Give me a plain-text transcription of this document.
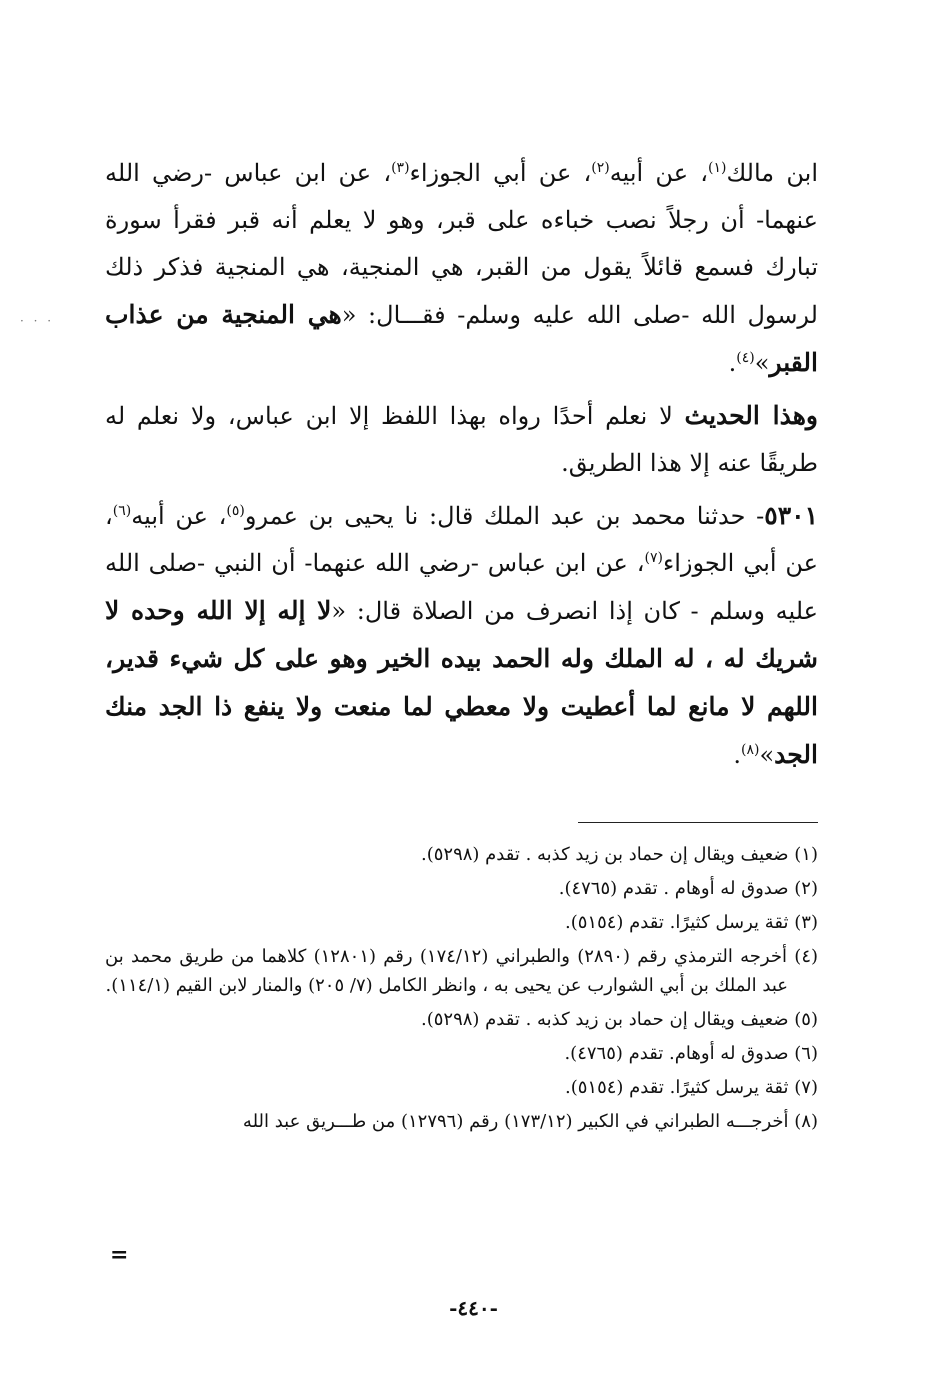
· · ·

ابن مالك$^{(١)}$، عن أبيه$^{(٢)}$، عن أبي الجوزاء$^{(٣)}$، عن ابن عباس -رضي الله عنهما- أن رجلاً نصب خباءه على قبر، وهو لا يعلم أنه قبر فقرأ سورة تبارك فسمع قائلاً يقول من القبر، هي المنجية، هي المنجية فذكر ذلك لرسول الله -صلى الله عليه وسلم- فقـــال: «هي المنجية من عذاب القبر»$^{(٤)}$.

وهذا الحديث لا نعلم أحدًا رواه بهذا اللفظ إلا ابن عباس، ولا نعلم له طريقًا عنه إلا هذا الطريق.

٥٣٠١- حدثنا محمد بن عبد الملك قال: نا يحيى بن عمرو$^{(٥)}$، عن أبيه$^{(٦)}$، عن أبي الجوزاء$^{(٧)}$، عن ابن عباس -رضي الله عنهما- أن النبي -صلى الله عليه وسلم - كان إذا انصرف من الصلاة قال: «لا إله إلا الله وحده لا شريك له ، له الملك وله الحمد بيده الخير وهو على كل شيء قدير، اللهم لا مانع لما أعطيت ولا معطي لما منعت ولا ينفع ذا الجد منك الجد»$^{(٨)}$.

(١) ضعيف ويقال إن حماد بن زيد كذبه . تقدم (٥٢٩٨).

(٢) صدوق له أوهام . تقدم (٤٧٦٥).

(٣) ثقة يرسل كثيرًا. تقدم (٥١٥٤).

(٤) أخرجه الترمذي رقم (٢٨٩٠) والطبراني (١٧٤/١٢) رقم (١٢٨٠١) كلاهما من طريق محمد بن عبد الملك بن أبي الشوارب عن يحيى به ، وانظر الكامل (٧/ ٢٠٥) والمنار لابن القيم (١١٤/١).

(٥) ضعيف ويقال إن حماد بن زيد كذبه . تقدم (٥٢٩٨).

(٦) صدوق له أوهام. تقدم (٤٧٦٥).

(٧) ثقة يرسل كثيرًا. تقدم (٥١٥٤).

(٨) أخرجـــه الطبراني في الكبير (١٧٣/١٢) رقم (١٢٧٩٦) من طـــريق عبد الله

=
-٤٤٠-
